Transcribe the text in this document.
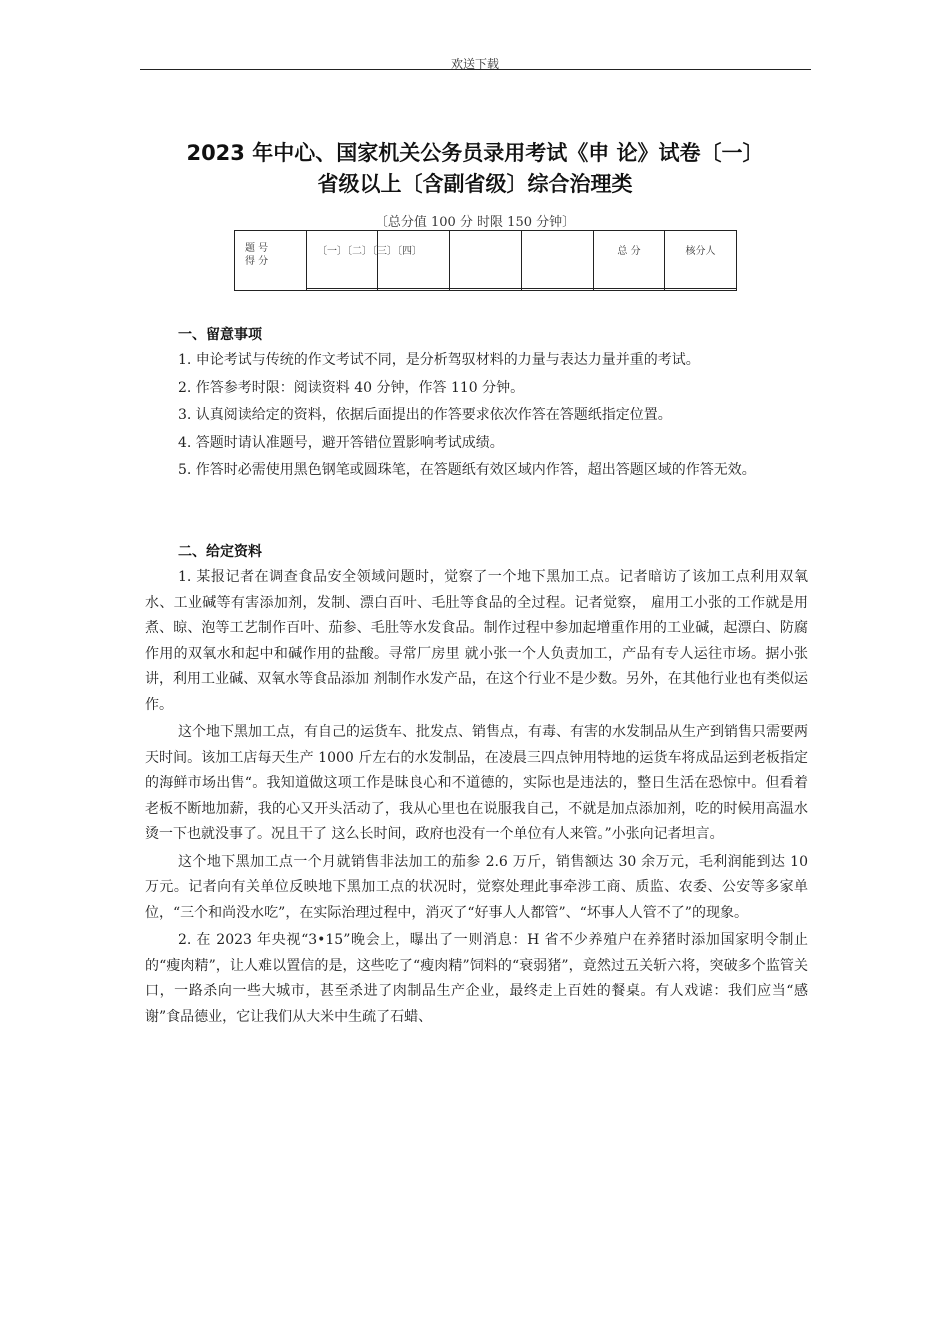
欢送下载
2023 年中心、国家机关公务员录用考试《申 论》试卷〔一〕
省级以上〔含副省级〕综合治理类
〔总分值 100 分 时限 150 分钟〕
题 号
得 分	〔一〕〔二〕〔三〕〔四〕				总 分	核分人

一、留意事项

1. 申论考试与传统的作文考试不同，是分析驾驭材料的力量与表达力量并重的考试。

2. 作答参考时限：阅读资料 40 分钟，作答 110 分钟。

3. 认真阅读给定的资料，依据后面提出的作答要求依次作答在答题纸指定位置。

4. 答题时请认准题号，避开答错位置影响考试成绩。

5. 作答时必需使用黑色钢笔或圆珠笔，在答题纸有效区域内作答，超出答题区域的作答无效。

二、给定资料

1. 某报记者在调查食品安全领域问题时，觉察了一个地下黑加工点。记者暗访了该加工点利用双氧水、工业碱等有害添加剂，发制、漂白百叶、毛肚等食品的全过程。记者觉察， 雇用工小张的工作就是用煮、晾、泡等工艺制作百叶、茄参、毛肚等水发食品。制作过程中参加起增重作用的工业碱，起漂白、防腐作用的双氧水和起中和碱作用的盐酸。寻常厂房里 就小张一个人负责加工，产品有专人运往市场。据小张讲，利用工业碱、双氧水等食品添加 剂制作水发产品，在这个行业不是少数。另外，在其他行业也有类似运作。

这个地下黑加工点，有自己的运货车、批发点、销售点，有毒、有害的水发制品从生产到销售只需要两天时间。该加工店每天生产 1000 斤左右的水发制品，在凌晨三四点钟用特地的运货车将成品运到老板指定的海鲜市场出售“。我知道做这项工作是昧良心和不道德的，实际也是违法的，整日生活在恐惊中。但看着老板不断地加薪，我的心又开头活动了，我从心里也在说服我自己，不就是加点添加剂，吃的时候用高温水烫一下也就没事了。况且干了 这么长时间，政府也没有一个单位有人来管。”小张向记者坦言。

这个地下黑加工点一个月就销售非法加工的茄参 2.6 万斤，销售额达 30 余万元，毛利润能到达 10 万元。记者向有关单位反映地下黑加工点的状况时，觉察处理此事牵涉工商、质监、农委、公安等多家单位，“三个和尚没水吃”，在实际治理过程中，消灭了“好事人人都管”、“坏事人人管不了”的现象。

2. 在 2023 年央视“3•15”晚会上，曝出了一则消息：H 省不少养殖户在养猪时添加国家明令制止的“瘦肉精”，让人难以置信的是，这些吃了“瘦肉精”饲料的“衰弱猪”，竟然过五关斩六将，突破多个监管关口，一路杀向一些大城市，甚至杀进了肉制品生产企业，最终走上百姓的餐桌。有人戏谑：我们应当“感谢”食品德业，它让我们从大米中生疏了石蜡、
